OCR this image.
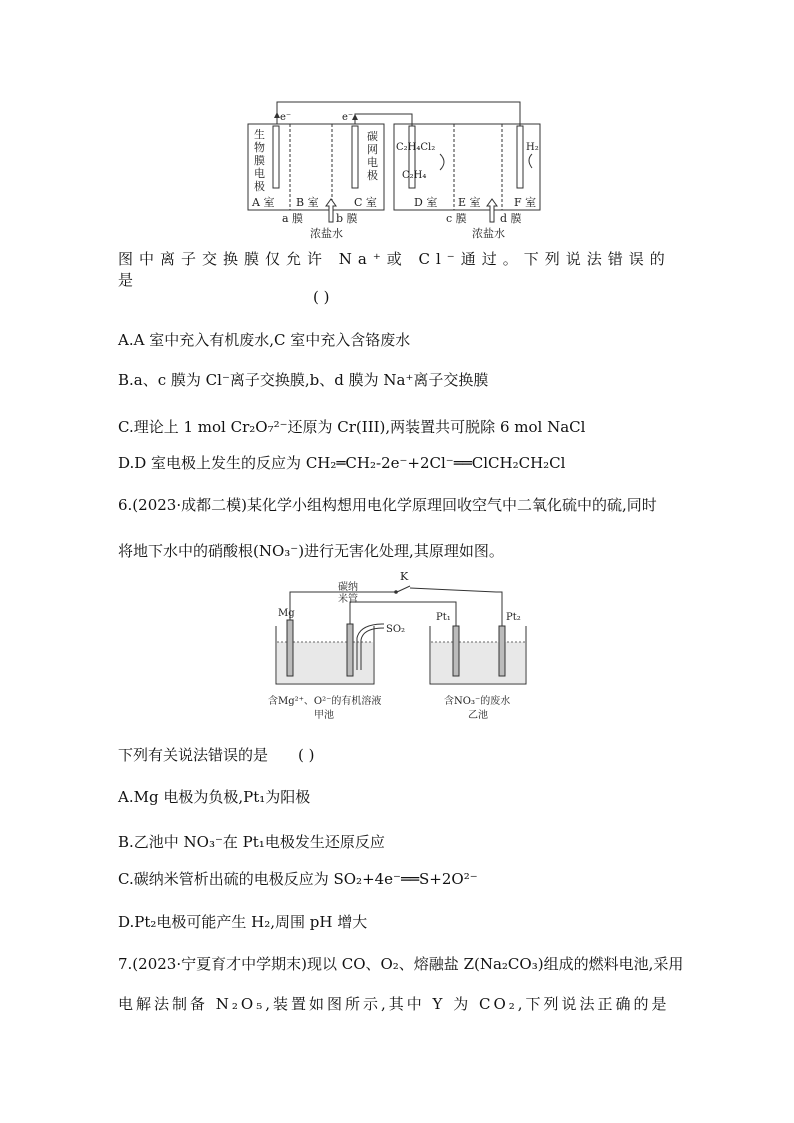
e⁻	e⁻
生物膜电极
碳网电极
C₂H₄Cl₂
C₂H₄
H₂
A 室 B 室	C 室	D 室 E 室	F 室
a 膜	b 膜	c 膜	d 膜
浓盐水	浓盐水
图中离子交换膜仅允许 Na⁺或 Cl⁻通过。下列说法错误的是
( )
A.A 室中充入有机废水,C 室中充入含铬废水
B.a、c 膜为 Cl⁻离子交换膜,b、d 膜为 Na⁺离子交换膜
C.理论上 1 mol Cr₂O₇²⁻还原为 Cr(III),两装置共可脱除 6 mol NaCl
D.D 室电极上发生的反应为 CH₂═CH₂-2e⁻+2Cl⁻══ClCH₂CH₂Cl
6.(2023·成都二模)某化学小组构想用电化学原理回收空气中二氧化硫中的硫,同时
将地下水中的硝酸根(NO₃⁻)进行无害化处理,其原理如图。
K
SO₂
Mg
碳纳米管
Pt₁	Pt₂
含Mg²⁺、O²⁻的有机溶液
甲池
含NO₃⁻的废水
乙池
下列有关说法错误的是 ( )
A.Mg 电极为负极,Pt₁为阳极
B.乙池中 NO₃⁻在 Pt₁电极发生还原反应
C.碳纳米管析出硫的电极反应为 SO₂+4e⁻══S+2O²⁻
D.Pt₂电极可能产生 H₂,周围 pH 增大
7.(2023·宁夏育才中学期末)现以 CO、O₂、熔融盐 Z(Na₂CO₃)组成的燃料电池,采用
电解法制备 N₂O₅,装置如图所示,其中 Y 为 CO₂,下列说法正确的是
